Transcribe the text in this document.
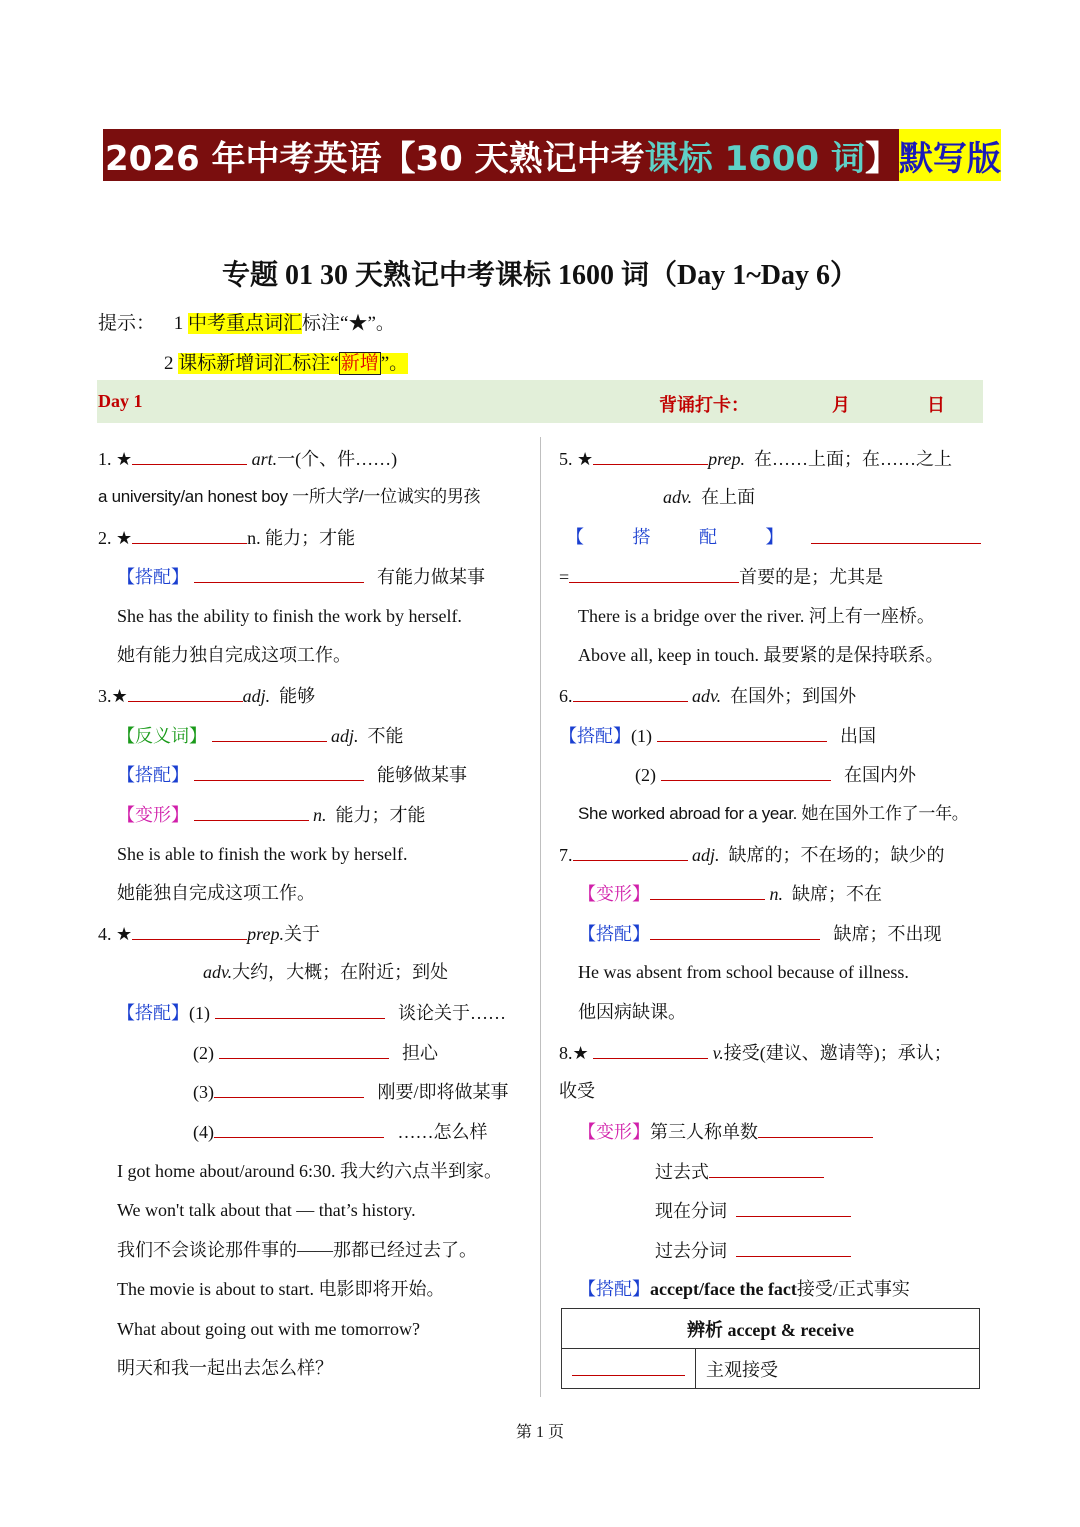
2026 年中考英语【30 天熟记中考 课标 1600 词 】 默写版
专题 01 30 天熟记中考课标 1600 词（Day 1~Day 6）
提示： 1 中考重点词汇标注“★”。
2 课标新增词汇标注“ 新增 ”。
Day 1	背诵打卡：	月	日
1. ★	art.一(个、件……)
a university/an honest boy 一所大学/一位诚实的男孩
2. ★	n. 能力；才能
【搭配】	有能力做某事
She has the ability to finish the work by herself.
她有能力独自完成这项工作。
3.★	adj. 能够
【反义词】	adj. 不能
【搭配】	能够做某事
【变形】	n. 能力；才能
She is able to finish the work by herself.
她能独自完成这项工作。
4. ★	prep.关于
adv.大约，大概；在附近；到处
【搭配】(1)	谈论关于……
(2)	担心
(3)	刚要/即将做某事
(4)	……怎么样
I got home about/around 6:30. 我大约六点半到家。
We won't talk about that — that’s history.
我们不会谈论那件事的——那都已经过去了。
The movie is about to start. 电影即将开始。
What about going out with me tomorrow?
明天和我一起出去怎么样？
5. ★	prep. 在……上面；在……之上
adv. 在上面
【	搭	配	】
=	首要的是；尤其是
There is a bridge over the river. 河上有一座桥。
Above all, keep in touch. 最要紧的是保持联系。
6.	adv. 在国外；到国外
【搭配】(1)	出国
(2)	在国内外
She worked abroad for a year. 她在国外工作了一年。
7.	adj. 缺席的；不在场的；缺少的
【变形】	n. 缺席；不在
【搭配】	缺席；不出现
He was absent from school because of illness.
他因病缺课。
8.★	v.接受(建议、邀请等)；承认；
收受
【变形】第三人称单数
过去式
现在分词
过去分词
【搭配】accept/face the fact接受/正式事实
辨析 accept & receive
	主观接受
第 1 页
